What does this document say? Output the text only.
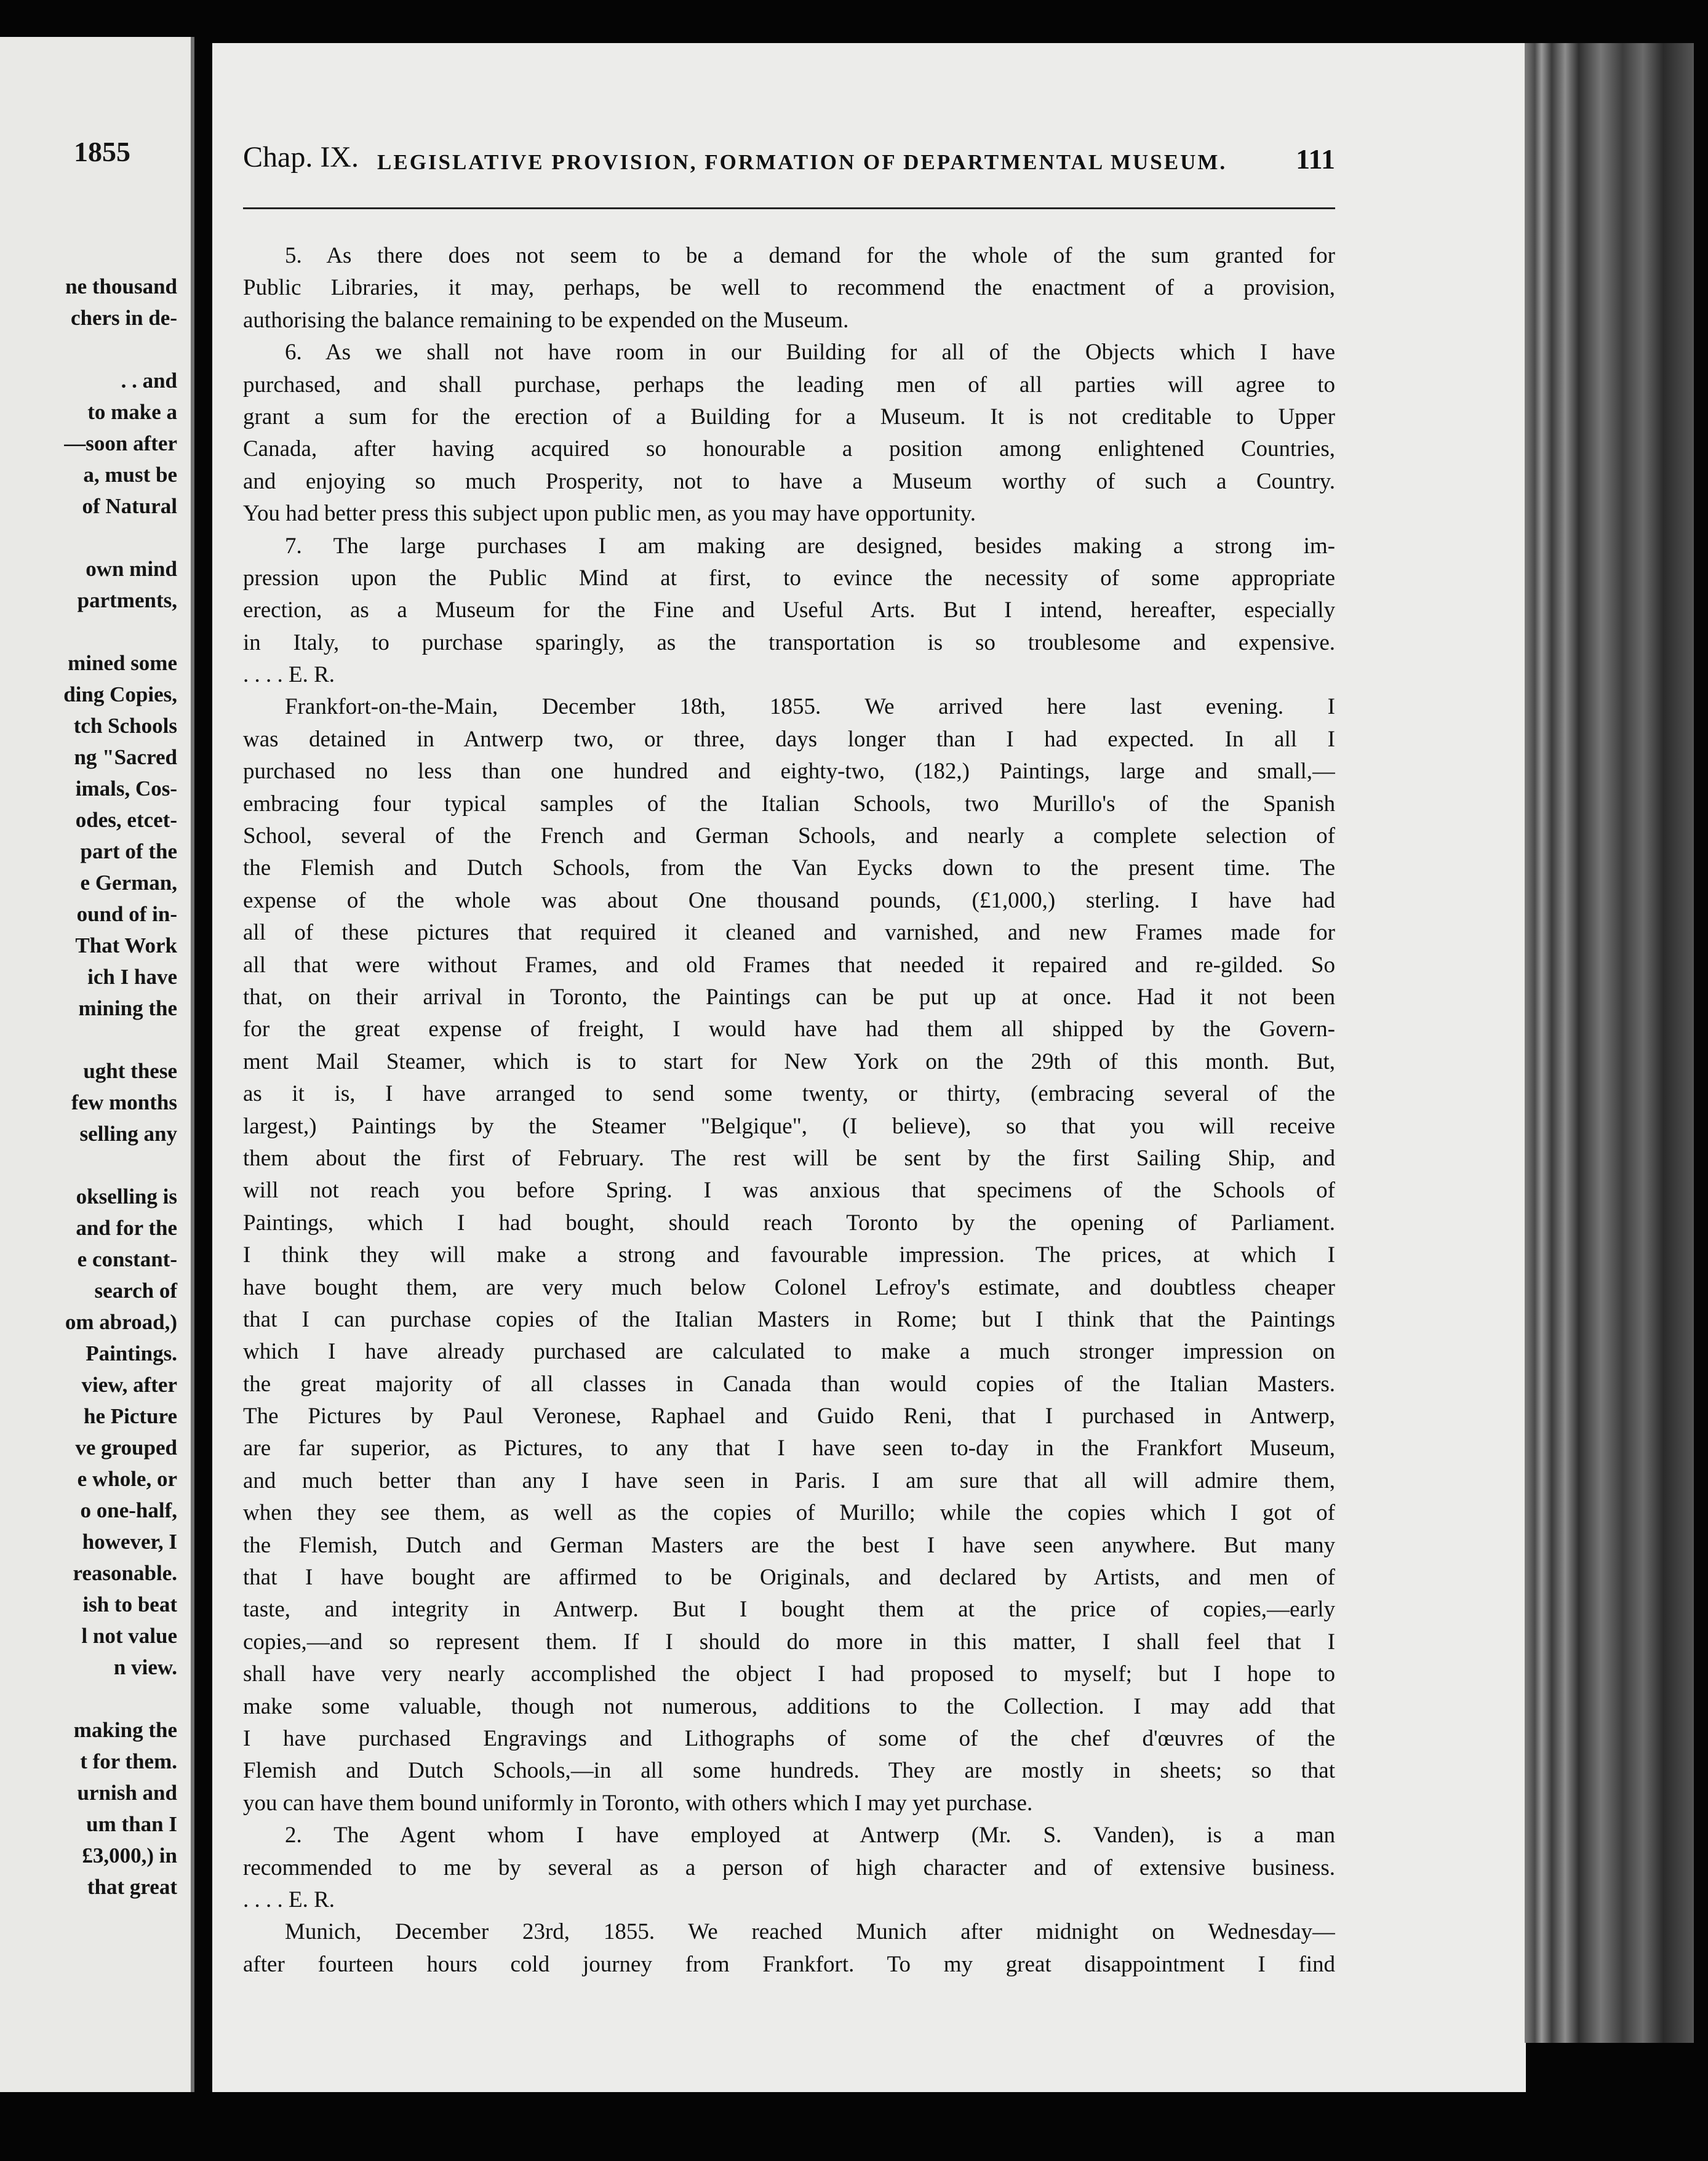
1855
ne thousand
chers in de-
. . and
to make a
—soon after
a, must be
of Natural
own mind
partments,
mined some
ding Copies,
tch Schools
ng "Sacred
imals, Cos-
odes, etcet-
part of the
e German,
ound of in-
That Work
ich I have
mining the
ught these
few months
selling any
okselling is
and for the
e constant-
search of
om abroad,)
Paintings.
view, after
he Picture
ve grouped
e whole, or
o one-half,
however, I
reasonable.
ish to beat
l not value
n view.
making the
t for them.
urnish and
um than I
£3,000,) in
that great
Chap. IX. LEGISLATIVE PROVISION, FORMATION OF DEPARTMENTAL MUSEUM. 111
5. As there does not seem to be a demand for the whole of the sum granted for
Public Libraries, it may, perhaps, be well to recommend the enactment of a provision,
authorising the balance remaining to be expended on the Museum.
6. As we shall not have room in our Building for all of the Objects which I have
purchased, and shall purchase, perhaps the leading men of all parties will agree to
grant a sum for the erection of a Building for a Museum. It is not creditable to Upper
Canada, after having acquired so honourable a position among enlightened Countries,
and enjoying so much Prosperity, not to have a Museum worthy of such a Country.
You had better press this subject upon public men, as you may have opportunity.
7. The large purchases I am making are designed, besides making a strong im-
pression upon the Public Mind at first, to evince the necessity of some appropriate
erection, as a Museum for the Fine and Useful Arts. But I intend, hereafter, especially
in Italy, to purchase sparingly, as the transportation is so troublesome and expensive.
. . . . E. R.
Frankfort-on-the-Main, December 18th, 1855. We arrived here last evening. I
was detained in Antwerp two, or three, days longer than I had expected. In all I
purchased no less than one hundred and eighty-two, (182,) Paintings, large and small,—
embracing four typical samples of the Italian Schools, two Murillo's of the Spanish
School, several of the French and German Schools, and nearly a complete selection of
the Flemish and Dutch Schools, from the Van Eycks down to the present time. The
expense of the whole was about One thousand pounds, (£1,000,) sterling. I have had
all of these pictures that required it cleaned and varnished, and new Frames made for
all that were without Frames, and old Frames that needed it repaired and re-gilded. So
that, on their arrival in Toronto, the Paintings can be put up at once. Had it not been
for the great expense of freight, I would have had them all shipped by the Govern-
ment Mail Steamer, which is to start for New York on the 29th of this month. But,
as it is, I have arranged to send some twenty, or thirty, (embracing several of the
largest,) Paintings by the Steamer "Belgique", (I believe), so that you will receive
them about the first of February. The rest will be sent by the first Sailing Ship, and
will not reach you before Spring. I was anxious that specimens of the Schools of
Paintings, which I had bought, should reach Toronto by the opening of Parliament.
I think they will make a strong and favourable impression. The prices, at which I
have bought them, are very much below Colonel Lefroy's estimate, and doubtless cheaper
that I can purchase copies of the Italian Masters in Rome; but I think that the Paintings
which I have already purchased are calculated to make a much stronger impression on
the great majority of all classes in Canada than would copies of the Italian Masters.
The Pictures by Paul Veronese, Raphael and Guido Reni, that I purchased in Antwerp,
are far superior, as Pictures, to any that I have seen to-day in the Frankfort Museum,
and much better than any I have seen in Paris. I am sure that all will admire them,
when they see them, as well as the copies of Murillo; while the copies which I got of
the Flemish, Dutch and German Masters are the best I have seen anywhere. But many
that I have bought are affirmed to be Originals, and declared by Artists, and men of
taste, and integrity in Antwerp. But I bought them at the price of copies,—early
copies,—and so represent them. If I should do more in this matter, I shall feel that I
shall have very nearly accomplished the object I had proposed to myself; but I hope to
make some valuable, though not numerous, additions to the Collection. I may add that
I have purchased Engravings and Lithographs of some of the chef d'œuvres of the
Flemish and Dutch Schools,—in all some hundreds. They are mostly in sheets; so that
you can have them bound uniformly in Toronto, with others which I may yet purchase.
2. The Agent whom I have employed at Antwerp (Mr. S. Vanden), is a man
recommended to me by several as a person of high character and of extensive business.
. . . . E. R.
Munich, December 23rd, 1855. We reached Munich after midnight on Wednesday—
after fourteen hours cold journey from Frankfort. To my great disappointment I find
